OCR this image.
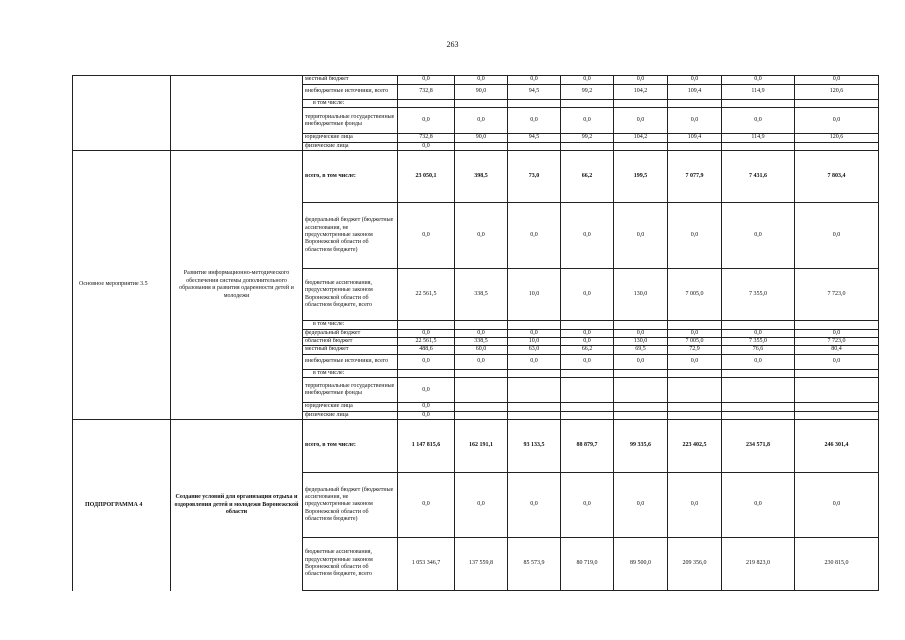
263
		местный бюджет	0,0	0,0	0,0	0,0	0,0	0,0	0,0	0,0
		внебюджетные источники, всего	732,8	90,0	94,5	99,2	104,2	109,4	114,9	120,6
		в том числе:								
		территориальные государственные внебюджетные фонды	0,0	0,0	0,0	0,0	0,0	0,0	0,0	0,0
		юридические лица	732,8	90,0	94,5	99,2	104,2	109,4	114,9	120,6
		физические лица	0,0							

Основное мероприятие 3.5	Развитие информационно-методического обеспечения системы дополнительного образования и развития одаренности детей и молодежи	всего, в том числе:	23 050,1	398,5	73,0	66,2	199,5	7 077,9	7 431,6	7 803,4
		федеральный бюджет (бюджетные ассигнования, не предусмотренные законом Воронежской области об областном бюджете)	0,0	0,0	0,0	0,0	0,0	0,0	0,0	0,0
		бюджетные ассигнования, предусмотренные законом Воронежской области об областном бюджете, всего	22 561,5	338,5	10,0	0,0	130,0	7 005,0	7 355,0	7 723,0
		в том числе:								
		федеральный бюджет	0,0	0,0	0,0	0,0	0,0	0,0	0,0	0,0
		областной бюджет	22 561,5	338,5	10,0	0,0	130,0	7 005,0	7 355,0	7 723,0
		местный бюджет	488,6	60,0	63,0	66,2	69,5	72,9	76,6	80,4
		внебюджетные источники, всего	0,0	0,0	0,0	0,0	0,0	0,0	0,0	0,0
		в том числе:								
		территориальные государственные внебюджетные фонды	0,0							
		юридические лица	0,0							
		физические лица	0,0							

ПОДПРОГРАММА 4	Создание условий для организации отдыха и оздоровления детей и молодежи Воронежской области	всего, в том числе:	1 147 815,6	162 191,1	93 133,5	88 879,7	99 335,6	223 402,5	234 571,8	246 301,4
		федеральный бюджет (бюджетные ассигнования, не предусмотренные законом Воронежской области об областном бюджете)	0,0	0,0	0,0	0,0	0,0	0,0	0,0	0,0
		бюджетные ассигнования, предусмотренные законом Воронежской области об областном бюджете, всего	1 053 346,7	137 559,8	85 573,9	80 719,0	89 500,0	209 356,0	219 823,0	230 815,0
